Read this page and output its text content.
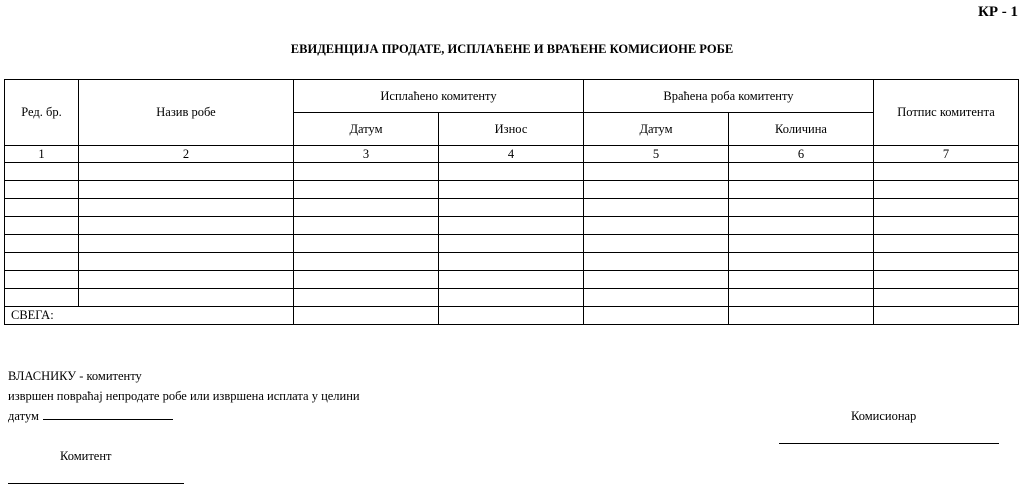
КР - 1
ЕВИДЕНЦИЈА ПРОДАТЕ, ИСПЛАЋЕНЕ И ВРАЋЕНЕ КОМИСИОНЕ РОБЕ
Ред. бр.	Назив робе	Исплаћено комитенту		Враћена роба комитенту		Потпис комитента
		Датум	Износ	Датум	Количина	
1	2	3	4	5	6	7

СВЕГА:						
ВЛАСНИКУ - комитенту
извршен повраћај непродате робе или извршена исплата у целини
датум	Комисионар
Комитент
